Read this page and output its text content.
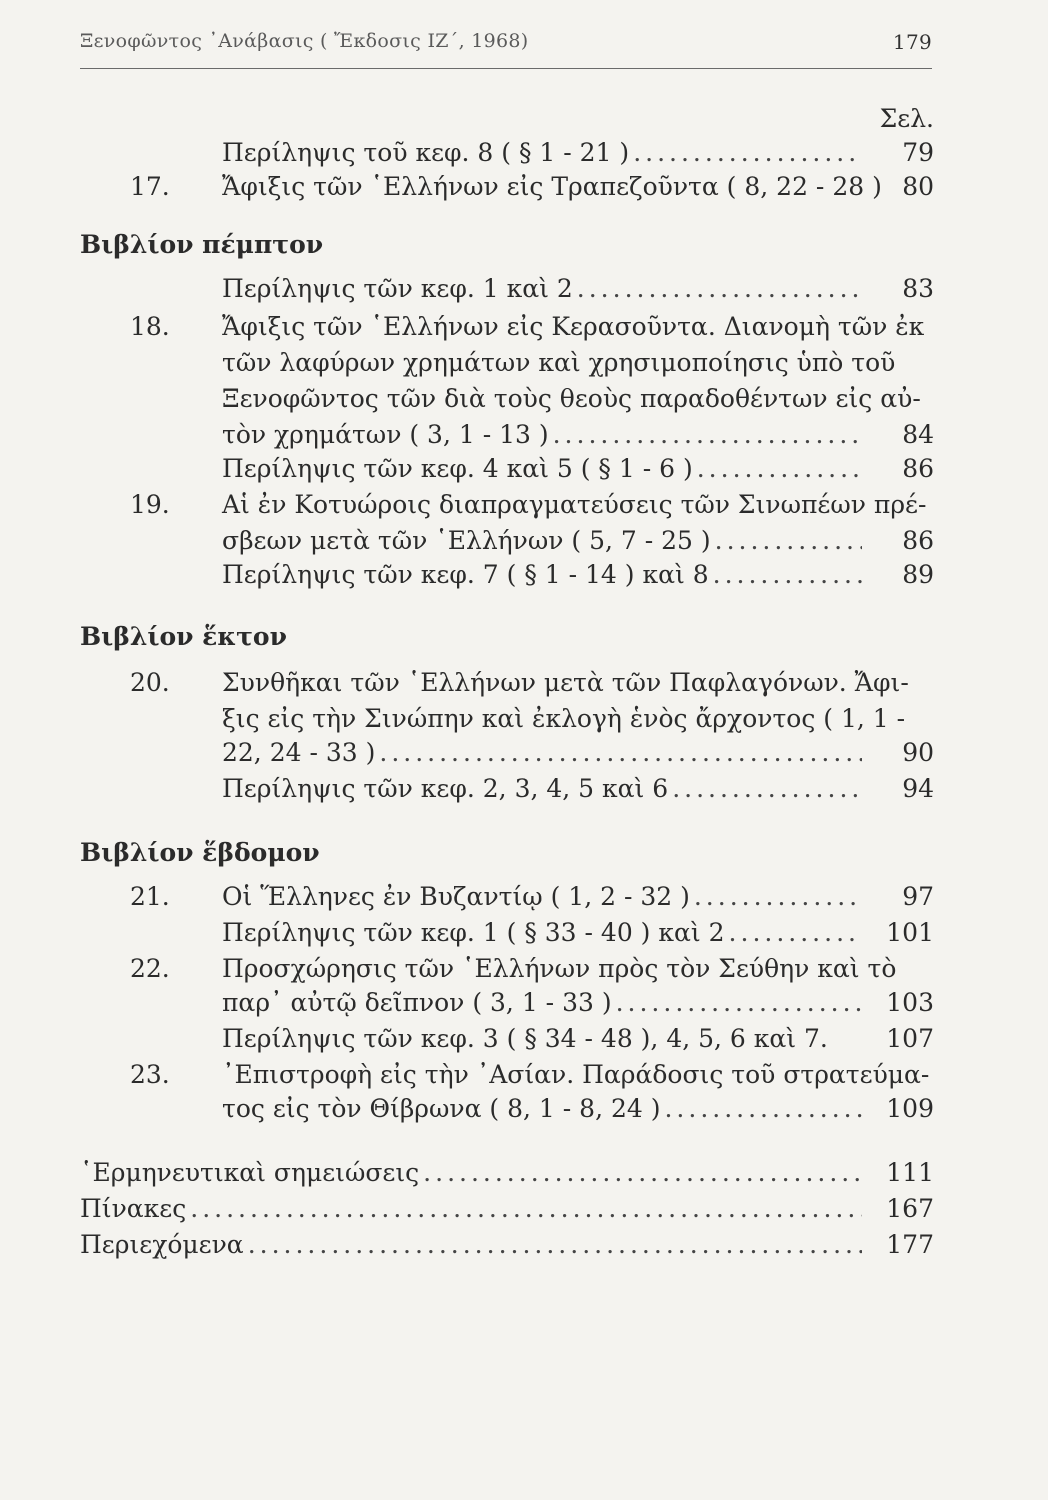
Ξενοφῶντος ᾿Ανάβασις ( Ἔκδοσις ΙΖ΄, 1968)	179
Σελ.
Περίληψις τοῦ κεφ. 8 ( § 1 - 21 ) .....	79
17. Ἄφιξις τῶν ῾Ελλήνων εἰς Τραπεζοῦντα ( 8, 22 - 28 ) 80
Βιβλίον πέμπτον
Περίληψις τῶν κεφ. 1 καὶ 2 .....	83
18. Ἄφιξις τῶν ῾Ελλήνων εἰς Κερασοῦντα. Διανομὴ τῶν ἐκ
τῶν λαφύρων χρημάτων καὶ χρησιμοποίησις ὑπὸ τοῦ
Ξενοφῶντος τῶν διὰ τοὺς θεοὺς παραδοθέντων εἰς αὐ-
τὸν χρημάτων ( 3, 1 - 13 ) .....	84
Περίληψις τῶν κεφ. 4 καὶ 5 ( § 1 - 6 ) .....	86
19. Αἱ ἐν Κοτυώροις διαπραγματεύσεις τῶν Σινωπέων πρέ-
σβεων μετὰ τῶν ῾Ελλήνων ( 5, 7 - 25 ) .....	86
Περίληψις τῶν κεφ. 7 ( § 1 - 14 ) καὶ 8 .....	89
Βιβλίον ἕκτον
20. Συνθῆκαι τῶν ῾Ελλήνων μετὰ τῶν Παφλαγόνων. Ἄφι-
ξις εἰς τὴν Σινώπην καὶ ἐκλογὴ ἑνὸς ἄρχοντος ( 1, 1 -
22, 24 - 33 ) .....	90
Περίληψις τῶν κεφ. 2, 3, 4, 5 καὶ 6 .....	94
Βιβλίον ἕβδομον
21. Οἱ Ἕλληνες ἐν Βυζαντίῳ ( 1, 2 - 32 ) .....	97
Περίληψις τῶν κεφ. 1 ( § 33 - 40 ) καὶ 2 .....	101
22. Προσχώρησις τῶν ῾Ελλήνων πρὸς τὸν Σεύθην καὶ τὸ
παρ᾿ αὐτῷ δεῖπνον ( 3, 1 - 33 ) .....	103
Περίληψις τῶν κεφ. 3 ( § 34 - 48 ), 4, 5, 6 καὶ 7. 107
23. ᾿Επιστροφὴ εἰς τὴν ᾿Ασίαν. Παράδοσις τοῦ στρατεύμα-
τος εἰς τὸν Θίβρωνα ( 8, 1 - 8, 24 ) .....	109
῾Ερμηνευτικαὶ σημειώσεις .....	111
Πίνακες .....	167
Περιεχόμενα .....	177
